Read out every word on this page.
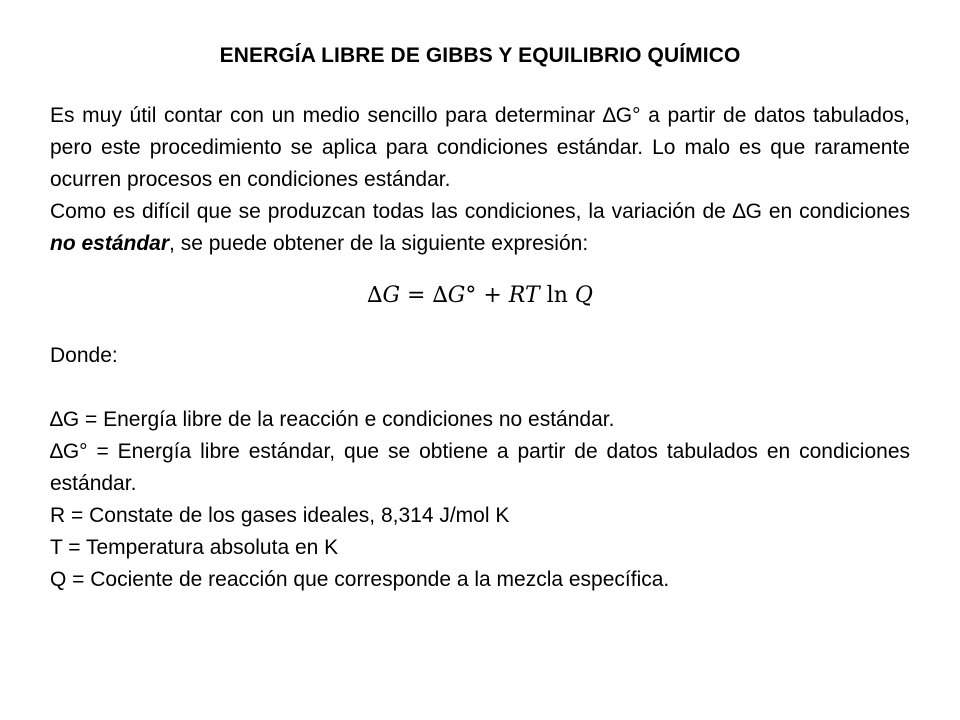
ENERGÍA LIBRE DE GIBBS Y EQUILIBRIO QUÍMICO

Es muy útil contar con un medio sencillo para determinar ∆G° a partir de datos tabulados, pero este procedimiento se aplica para condiciones estándar. Lo malo es que raramente ocurren procesos en condiciones estándar.

Como es difícil que se produzcan todas las condiciones, la variación de ∆G en condiciones no estándar, se puede obtener de la siguiente expresión:

∆G = ∆G° + RT ln Q

Donde:

∆G = Energía libre de la reacción e condiciones no estándar.

∆G° = Energía libre estándar, que se obtiene a partir de datos tabulados en condiciones estándar.

R = Constate de los gases ideales, 8,314 J/mol K

T = Temperatura absoluta en K

Q = Cociente de reacción que corresponde a la mezcla específica.
